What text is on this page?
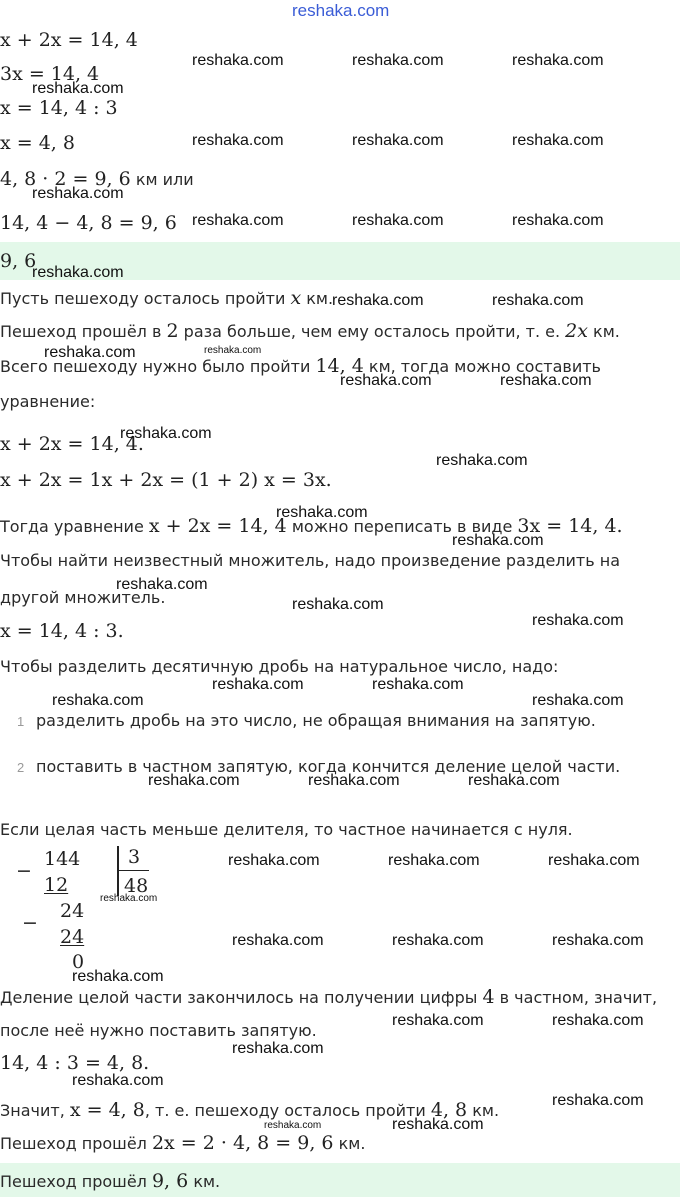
reshaka.com
x + 2x = 14, 4
3x = 14, 4
x = 14, 4 : 3
x = 4, 8
4, 8 · 2 = 9, 6 км или
14, 4 − 4, 8 = 9, 6
9, 6
Пусть пешеходу осталось пройти x км.
Пешеход прошёл в 2 раза больше, чем ему осталось пройти, т. е. 2x км.
Всего пешеходу нужно было пройти 14, 4 км, тогда можно составить
уравнение:
x + 2x = 14, 4.
x + 2x = 1x + 2x = (1 + 2) x = 3x.
Тогда уравнение x + 2x = 14, 4 можно переписать в виде 3x = 14, 4.
Чтобы найти неизвестный множитель, надо произведение разделить на
другой множитель.
x = 14, 4 : 3.
Чтобы разделить десятичную дробь на натуральное число, надо:
1 разделить дробь на это число, не обращая внимания на запятую.
2 поставить в частном запятую, когда кончится деление целой части.
Если целая часть меньше делителя, то частное начинается с нуля.
−
144
12
3
48
−
24
24
0
Деление целой части закончилось на получении цифры 4 в частном, значит,
после неё нужно поставить запятую.
14, 4 : 3 = 4, 8.
Значит, x = 4, 8, т. е. пешеходу осталось пройти 4, 8 км.
Пешеход прошёл 2x = 2 · 4, 8 = 9, 6 км.
Пешеход прошёл 9, 6 км.
reshaka.com	reshaka.com	reshaka.com
reshaka.com
reshaka.com	reshaka.com	reshaka.com
reshaka.com
reshaka.com	reshaka.com	reshaka.com
reshaka.com
reshaka.com	reshaka.com
reshaka.com
reshaka.com	reshaka.com
reshaka.com
reshaka.com
reshaka.com
reshaka.com
reshaka.com
reshaka.com
reshaka.com
reshaka.com	reshaka.com
reshaka.com	reshaka.com
reshaka.com	reshaka.com	reshaka.com
reshaka.com	reshaka.com	reshaka.com
reshaka.com	reshaka.com	reshaka.com
reshaka.com
reshaka.com	reshaka.com
reshaka.com
reshaka.com
reshaka.com
reshaka.com
reshaka.com
reshaka.com
reshaka.com
